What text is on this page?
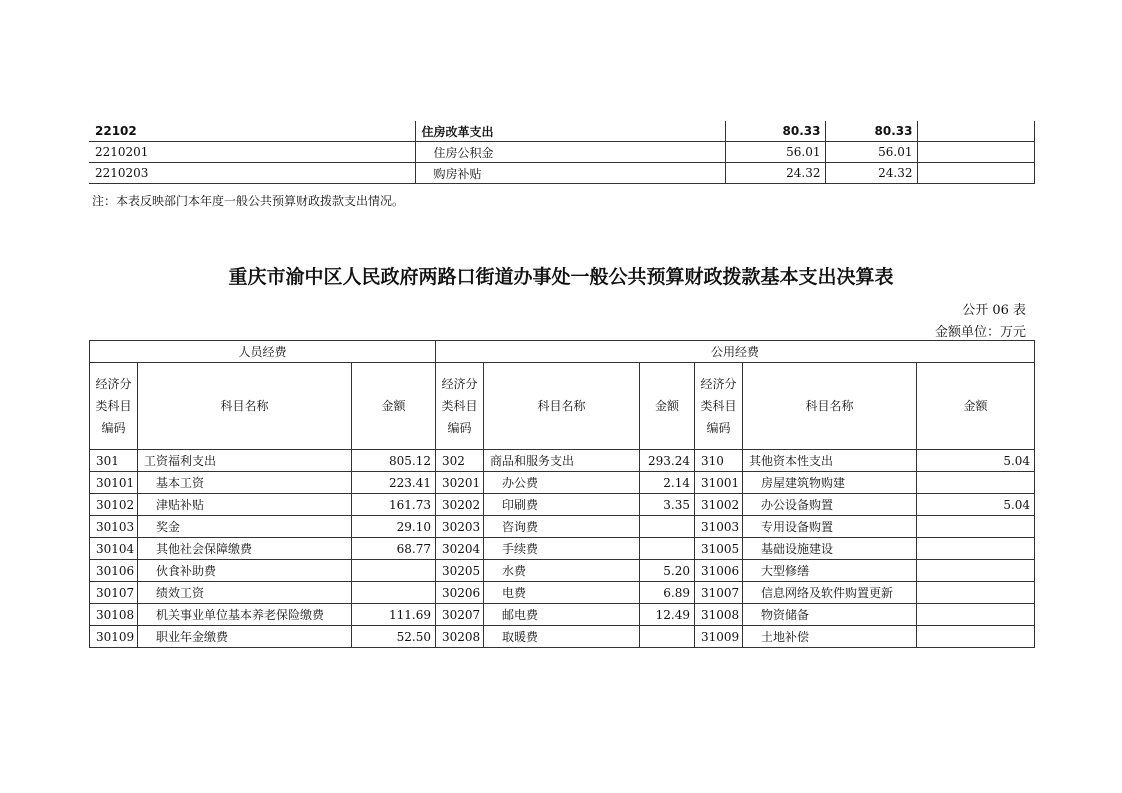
22102	住房改革支出	80.33	80.33	
2210201	住房公积金	56.01	56.01	
2210203	购房补贴	24.32	24.32	
注：本表反映部门本年度一般公共预算财政拨款支出情况。
重庆市渝中区人民政府两路口街道办事处一般公共预算财政拨款基本支出决算表
公开 06 表
金额单位：万元
人员经费			公用经费					
经济分类科目编码	科目名称	金额	经济分类科目编码	科目名称	金额	经济分类科目编码	科目名称	金额
301	工资福利支出	805.12	302	商品和服务支出	293.24	310	其他资本性支出	5.04
30101	基本工资	223.41	30201	办公费	2.14	31001	房屋建筑物购建	
30102	津贴补贴	161.73	30202	印刷费	3.35	31002	办公设备购置	5.04
30103	奖金	29.10	30203	咨询费		31003	专用设备购置	
30104	其他社会保障缴费	68.77	30204	手续费		31005	基础设施建设	
30106	伙食补助费		30205	水费	5.20	31006	大型修缮	
30107	绩效工资		30206	电费	6.89	31007	信息网络及软件购置更新	
30108	机关事业单位基本养老保险缴费	111.69	30207	邮电费	12.49	31008	物资储备	
30109	职业年金缴费	52.50	30208	取暖费		31009	土地补偿	
